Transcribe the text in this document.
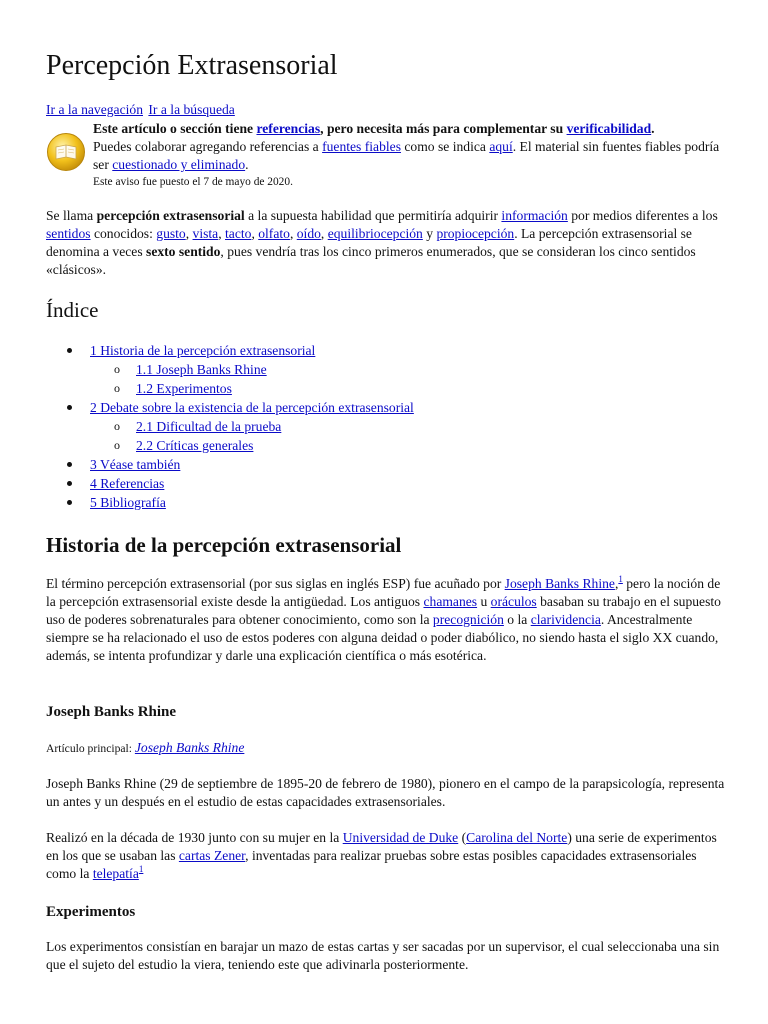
Percepción Extrasensorial
Ir a la navegación Ir a la búsqueda
Este artículo o sección tiene referencias, pero necesita más para complementar su verificabilidad.
Puedes colaborar agregando referencias a fuentes fiables como se indica aquí. El material sin fuentes fiables podría ser cuestionado y eliminado.
Este aviso fue puesto el 7 de mayo de 2020.

Se llama percepción extrasensorial a la supuesta habilidad que permitiría adquirir información por medios diferentes a los sentidos conocidos: gusto, vista, tacto, olfato, oído, equilibriocepción y propiocepción. La percepción extrasensorial se denomina a veces sexto sentido, pues vendría tras los cinco primeros enumerados, que se consideran los cinco sentidos «clásicos».

Índice
1 Historia de la percepción extrasensorial
o 1.1 Joseph Banks Rhine
o 1.2 Experimentos
2 Debate sobre la existencia de la percepción extrasensorial
o 2.1 Dificultad de la prueba
o 2.2 Críticas generales
3 Véase también
4 Referencias
5 Bibliografía
Historia de la percepción extrasensorial

El término percepción extrasensorial (por sus siglas en inglés ESP) fue acuñado por Joseph Banks Rhine,$^1$ pero la noción de la percepción extrasensorial existe desde la antigüedad. Los antiguos chamanes u oráculos basaban su trabajo en el supuesto uso de poderes sobrenaturales para obtener conocimiento, como son la precognición o la clarividencia. Ancestralmente siempre se ha relacionado el uso de estos poderes con alguna deidad o poder diabólico, no siendo hasta el siglo XX cuando, además, se intenta profundizar y darle una explicación científica o más esotérica.

Joseph Banks Rhine
Artículo principal: Joseph Banks Rhine

Joseph Banks Rhine (29 de septiembre de 1895-20 de febrero de 1980), pionero en el campo de la parapsicología, representa un antes y un después en el estudio de estas capacidades extrasensoriales.

Realizó en la década de 1930 junto con su mujer en la Universidad de Duke (Carolina del Norte) una serie de experimentos en los que se usaban las cartas Zener, inventadas para realizar pruebas sobre estas posibles capacidades extrasensoriales como la telepatía$^1$

Experimentos

Los experimentos consistían en barajar un mazo de estas cartas y ser sacadas por un supervisor, el cual seleccionaba una sin que el sujeto del estudio la viera, teniendo este que adivinarla posteriormente.
